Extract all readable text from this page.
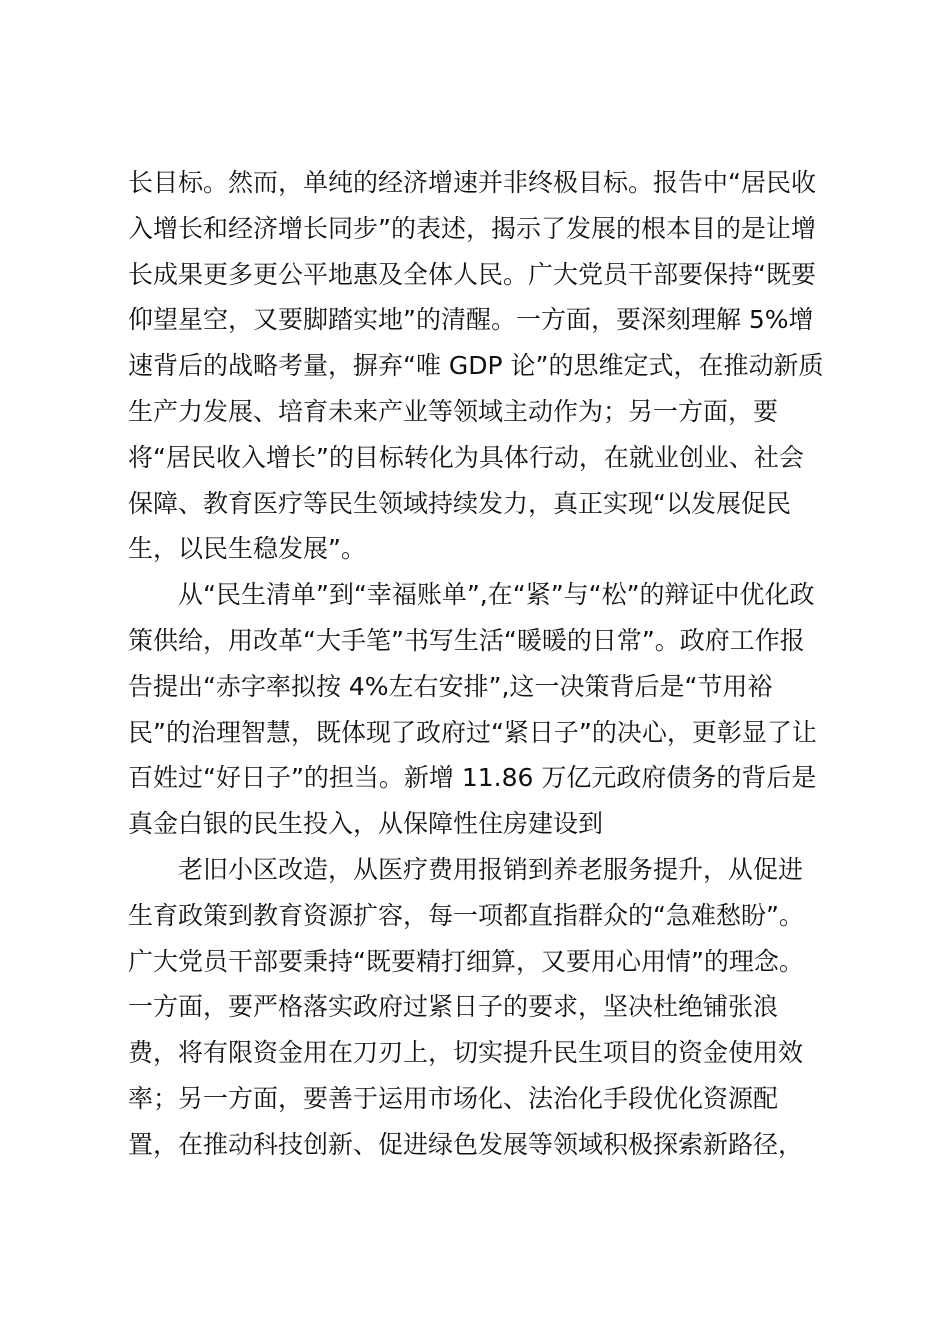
长目标。然而，单纯的经济增速并非终极目标。报告中“居民收
入增长和经济增长同步”的表述，揭示了发展的根本目的是让增
长成果更多更公平地惠及全体人民。广大党员干部要保持“既要
仰望星空，又要脚踏实地”的清醒。一方面，要深刻理解 5%增
速背后的战略考量，摒弃“唯 GDP 论”的思维定式，在推动新质
生产力发展、培育未来产业等领域主动作为；另一方面，要
将“居民收入增长”的目标转化为具体行动，在就业创业、社会
保障、教育医疗等民生领域持续发力，真正实现“以发展促民
生，以民生稳发展”。
从“民生清单”到“幸福账单”,在“紧”与“松”的辩证中优化政
策供给，用改革“大手笔”书写生活“暖暖的日常”。政府工作报
告提出“赤字率拟按 4%左右安排”,这一决策背后是“节用裕
民”的治理智慧，既体现了政府过“紧日子”的决心，更彰显了让
百姓过“好日子”的担当。新增 11.86 万亿元政府债务的背后是
真金白银的民生投入，从保障性住房建设到
老旧小区改造，从医疗费用报销到养老服务提升，从促进
生育政策到教育资源扩容，每一项都直指群众的“急难愁盼”。
广大党员干部要秉持“既要精打细算，又要用心用情”的理念。
一方面，要严格落实政府过紧日子的要求，坚决杜绝铺张浪
费，将有限资金用在刀刃上，切实提升民生项目的资金使用效
率；另一方面，要善于运用市场化、法治化手段优化资源配
置，在推动科技创新、促进绿色发展等领域积极探索新路径，
